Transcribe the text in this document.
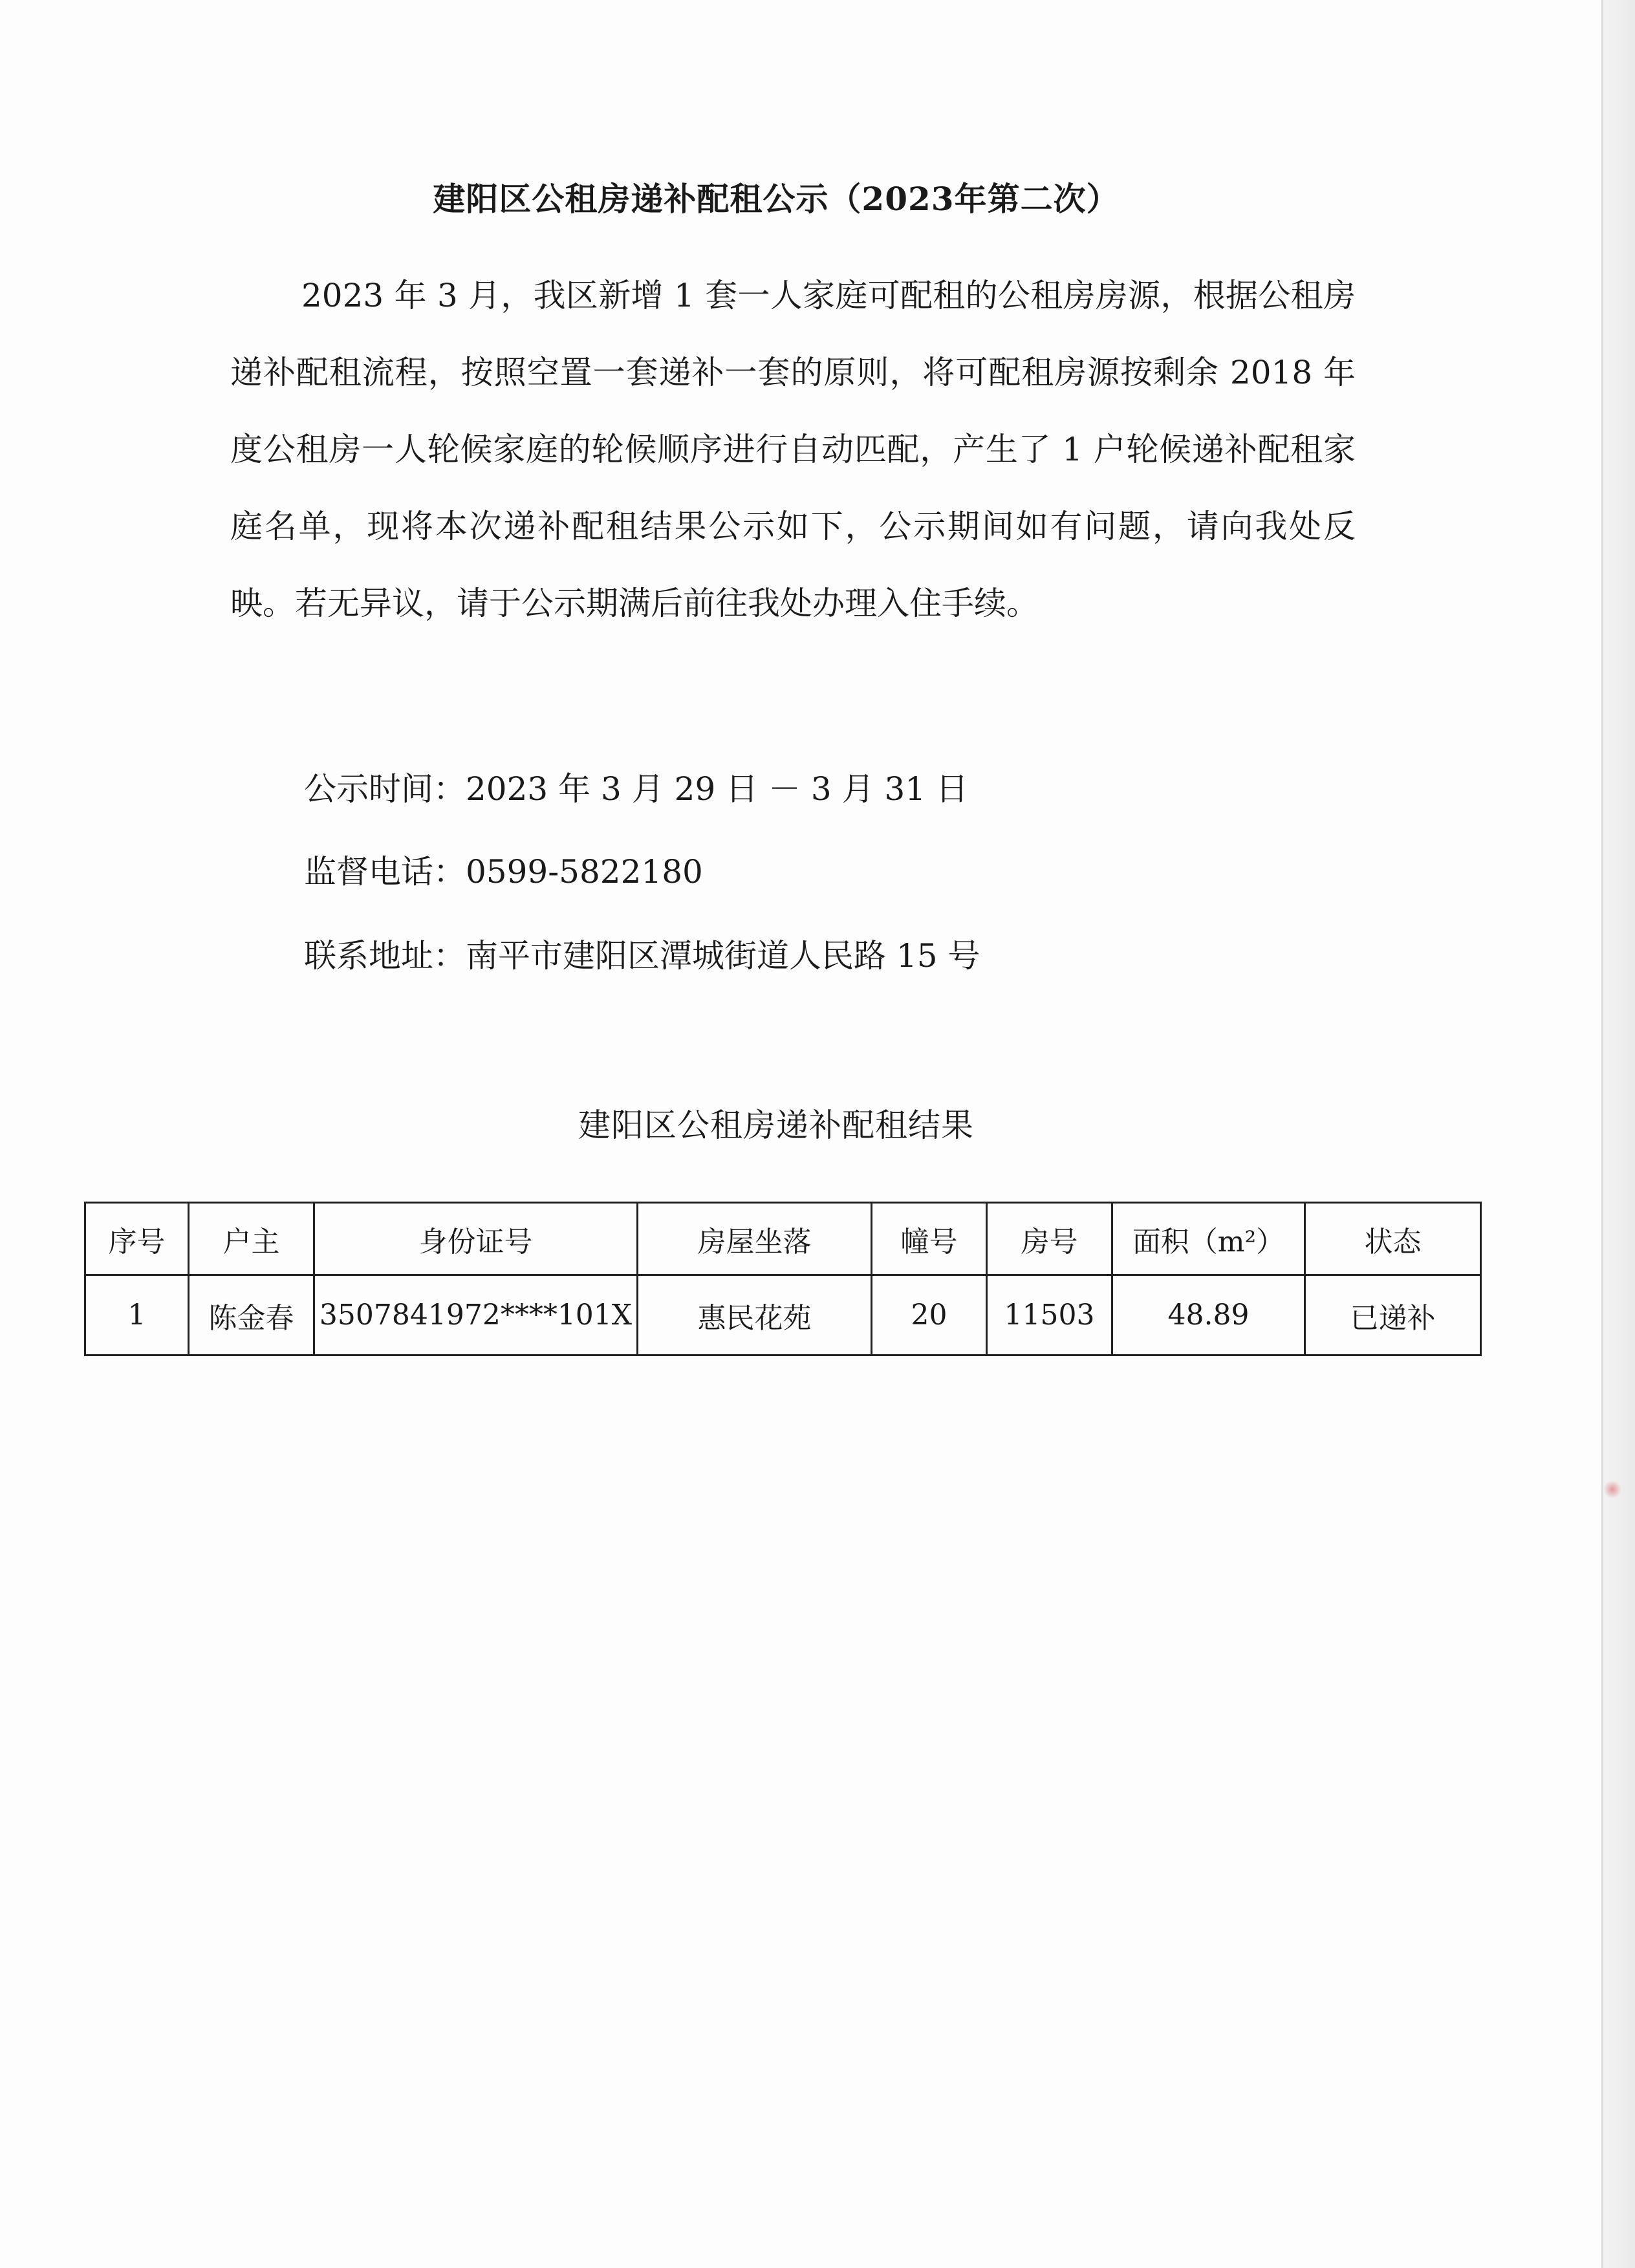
建阳区公租房递补配租公示（2023年第二次）

2023 年 3 月，我区新增 1 套一人家庭可配租的公租房房源，根据公租房递补配租流程，按照空置一套递补一套的原则，将可配租房源按剩余 2018 年度公租房一人轮候家庭的轮候顺序进行自动匹配，产生了 1 户轮候递补配租家庭名单，现将本次递补配租结果公示如下，公示期间如有问题，请向我处反映。若无异议，请于公示期满后前往我处办理入住手续。

公示时间：2023 年 3 月 29 日 － 3 月 31 日
监督电话：0599-5822180
联系地址：南平市建阳区潭城街道人民路 15 号
建阳区公租房递补配租结果
序号	户主	身份证号	房屋坐落	幢号	房号	面积（m²）	状态
1	陈金春	3507841972****101X	惠民花苑	20	11503	48.89	已递补
